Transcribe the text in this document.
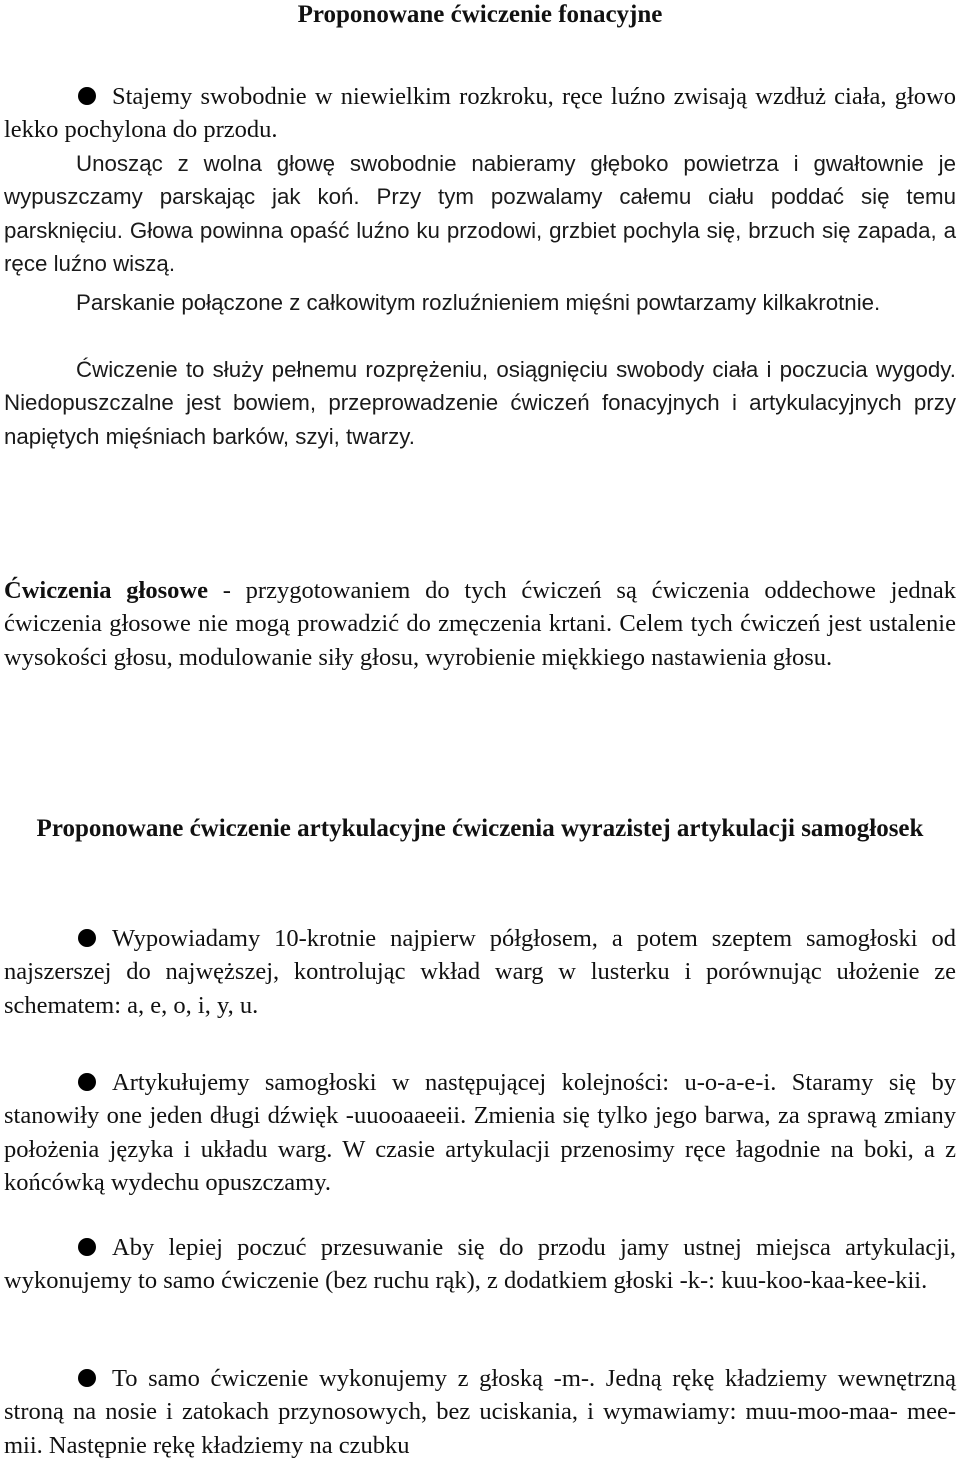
Proponowane ćwiczenie fonacyjne

Stajemy swobodnie w niewielkim rozkroku, ręce luźno zwisają wzdłuż ciała, głowo lekko pochylona do przodu.

Unosząc z wolna głowę swobodnie nabieramy głęboko powietrza i gwałtownie je wypuszczamy parskając jak koń. Przy tym pozwalamy całemu ciału poddać się temu parsknięciu. Głowa powinna opaść luźno ku przodowi, grzbiet pochyla się, brzuch się zapada, a ręce luźno wiszą.

Parskanie połączone z całkowitym rozluźnieniem mięśni powtarzamy kilkakrotnie.

Ćwiczenie to służy pełnemu rozprężeniu, osiągnięciu swobody ciała i poczucia wygody. Niedopuszczalne jest bowiem, przeprowadzenie ćwiczeń fonacyjnych i artykulacyjnych przy napiętych mięśniach barków, szyi, twarzy.

Ćwiczenia głosowe - przygotowaniem do tych ćwiczeń są ćwiczenia oddechowe jednak ćwiczenia głosowe nie mogą prowadzić do zmęczenia krtani. Celem tych ćwiczeń jest ustalenie wysokości głosu, modulowanie siły głosu, wyrobienie miękkiego nastawienia głosu.

Proponowane ćwiczenie artykulacyjne ćwiczenia wyrazistej artykulacji samogłosek

Wypowiadamy 10-krotnie najpierw półgłosem, a potem szeptem samogłoski od najszerszej do najwęższej, kontrolując wkład warg w lusterku i porównując ułożenie ze schematem: a, e, o, i, y, u.

Artykułujemy samogłoski w następującej kolejności: u-o-a-e-i. Staramy się by stanowiły one jeden długi dźwięk -uuooaaeeii. Zmienia się tylko jego barwa, za sprawą zmiany położenia języka i układu warg. W czasie artykulacji przenosimy ręce łagodnie na boki, a z końcówką wydechu opuszczamy.

Aby lepiej poczuć przesuwanie się do przodu jamy ustnej miejsca artykulacji, wykonujemy to samo ćwiczenie (bez ruchu rąk), z dodatkiem głoski -k-: kuu-koo-kaa-kee-kii.

To samo ćwiczenie wykonujemy z głoską -m-. Jedną rękę kładziemy wewnętrzną stroną na nosie i zatokach przynosowych, bez uciskania, i wymawiamy: muu-moo-maa- mee-mii. Następnie rękę kładziemy na czubku
